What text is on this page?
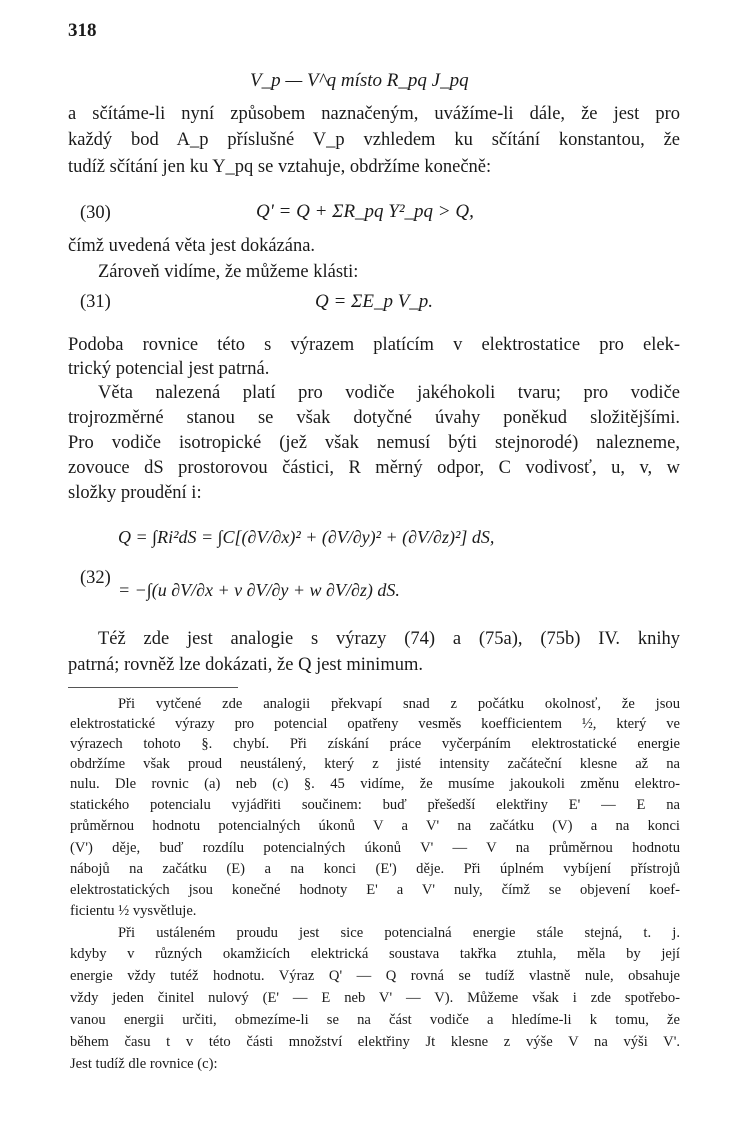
318
V_p — V^q místo R_pq J_pq
a sčítáme-li nyní způsobem naznačeným, uvážíme-li dále, že jest pro
každý bod A_p příslušné V_p vzhledem ku sčítání konstantou, že
tudíž sčítání jen ku Y_pq se vztahuje, obdržíme konečně:
(30)	Q' = Q + ΣR_pq Y²_pq > Q,
čímž uvedená věta jest dokázána.
Zároveň vidíme, že můžeme klásti:
(31)	Q = ΣE_p V_p.
Podoba rovnice této s výrazem platícím v elektrostatice pro elek-
trický potencial jest patrná.
Věta nalezená platí pro vodiče jakéhokoli tvaru; pro vodiče
trojrozměrné stanou se však dotyčné úvahy poněkud složitějšími.
Pro vodiče isotropické (jež však nemusí býti stejnorodé) nalezneme,
zovouce dS prostorovou částici, R měrný odpor, C vodivosť, u, v, w
složky proudění i:
(32)
Q = ∫Ri²dS = ∫C[(∂V/∂x)² + (∂V/∂y)² + (∂V/∂z)²] dS,
= −∫(u ∂V/∂x + v ∂V/∂y + w ∂V/∂z) dS.
Též zde jest analogie s výrazy (74) a (75a), (75b) IV. knihy
patrná; rovněž lze dokázati, že Q jest minimum.
Při vytčené zde analogii překvapí snad z počátku okolnosť, že jsou
elektrostatické výrazy pro potencial opatřeny vesměs koefficientem ½, který ve
výrazech tohoto §. chybí. Při získání práce vyčerpáním elektrostatické energie
obdržíme však proud neustálený, který z jisté intensity začáteční klesne až na
nulu. Dle rovnic (a) neb (c) §. 45 vidíme, že musíme jakoukoli změnu elektro-
statického potencialu vyjádřiti součinem: buď přešedší elektřiny E' — E na
průměrnou hodnotu potencialných úkonů V a V' na začátku (V) a na konci
(V') děje, buď rozdílu potencialných úkonů V' — V na průměrnou hodnotu
nábojů na začátku (E) a na konci (E') děje. Při úplném vybíjení přístrojů
elektrostatických jsou konečné hodnoty E' a V' nuly, čímž se objevení koef-
ficientu ½ vysvětluje.
Při ustáleném proudu jest sice potencialná energie stále stejná, t. j.
kdyby v různých okamžicích elektrická soustava takřka ztuhla, měla by její
energie vždy tutéž hodnotu. Výraz Q' — Q rovná se tudíž vlastně nule, obsahuje
vždy jeden činitel nulový (E' — E neb V' — V). Můžeme však i zde spotřebo-
vanou energii určiti, obmezíme-li se na část vodiče a hledíme-li k tomu, že
během času t v této části množství elektřiny Jt klesne z výše V na výši V'.
Jest tudíž dle rovnice (c):
